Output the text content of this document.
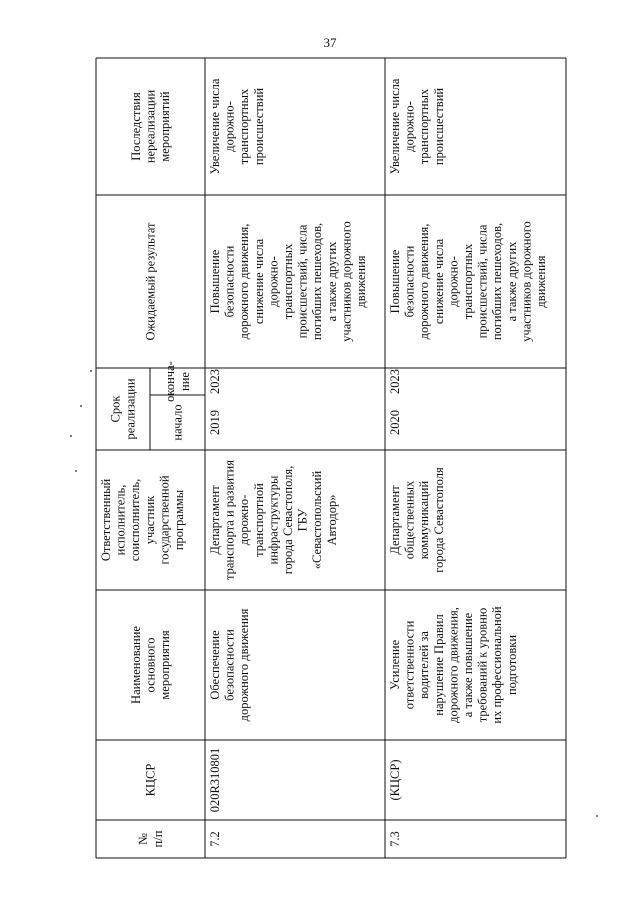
37
№ п/п
КЦСР
Наименование основного мероприятия
Ответственный исполнитель, соисполнитель, участник государственной программы
Срок реализации	начало
оконча- ние
Ожидаемый результат
Последствия нереализации мероприятий
7.2
020R310801
Обеспечение безопасности дорожного движения
Департамент транспорта и развития дорожно- транспортной инфраструктуры города Севастополя, ГБУ «Севастопольский Автодор»
2019
2023
Повышение безопасности дорожного движения, снижение числа дорожно- транспортных происшествий, числа погибших пешеходов, а также других участников дорожного движения
Увеличение числа дорожно- транспортных происшествий
7.3
(КЦСР)
Усиление ответственности водителей за нарушение Правил дорожного движения, а также повышение требований к уровню их профессиональной подготовки
Департамент общественных коммуникаций города Севастополя
2020
2023
Повышение безопасности дорожного движения, снижение числа дорожно- транспортных происшествий, числа погибших пешеходов, а также других участников дорожного движения
Увеличение числа дорожно- транспортных происшествий
